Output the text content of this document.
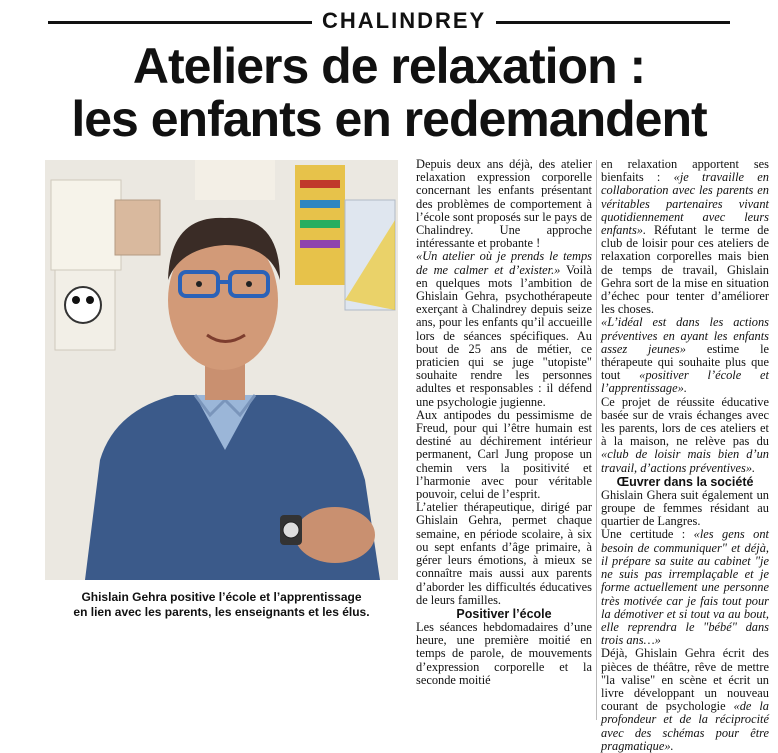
CHALINDREY
Ateliers de relaxation :
les enfants en redemandent
Ghislain Gehra positive l’école et l’apprentissage
en lien avec les parents, les enseignants et les élus.

Depuis deux ans déjà, des atelier relaxation expression corporelle concernant les enfants présentant des problèmes de comportement à l’école sont proposés sur le pays de Chalindrey. Une approche intéressante et probante !

«Un atelier où je prends le temps de me calmer et d’exister.» Voilà en quelques mots l’ambition de Ghislain Gehra, psychothérapeute exerçant à Chalindrey depuis seize ans, pour les enfants qu’il accueille lors de séances spécifiques. Au bout de 25 ans de métier, ce praticien qui se juge "utopiste" souhaite rendre les personnes adultes et responsables : il défend une psychologie jugienne.

Aux antipodes du pessimisme de Freud, pour qui l’être humain est destiné au déchirement intérieur permanent, Carl Jung propose un chemin vers la positivité et l’harmonie avec pour véritable pouvoir, celui de l’esprit.

L’atelier thérapeutique, dirigé par Ghislain Gehra, permet chaque semaine, en période scolaire, à six ou sept enfants d’âge primaire, à gérer leurs émotions, à mieux se connaître mais aussi aux parents d’aborder les difficultés éducatives de leurs familles.

Positiver l’école

Les séances hebdomadaires d’une heure, une première moitié en temps de parole, de mouvements d’expression corporelle et la seconde moitié

en relaxation apportent ses bienfaits : «je travaille en collaboration avec les parents en véritables partenaires vivant quotidiennement avec leurs enfants». Réfutant le terme de club de loisir pour ces ateliers de relaxation corporelles mais bien de temps de travail, Ghislain Gehra sort de la mise en situation d’échec pour tenter d’améliorer les choses.

«L’idéal est dans les actions préventives en ayant les enfants assez jeunes» estime le thérapeute qui souhaite plus que tout «positiver l’école et l’apprentissage».

Ce projet de réussite éducative basée sur de vrais échanges avec les parents, lors de ces ateliers et à la maison, ne relève pas du «club de loisir mais bien d’un travail, d’actions préventives».

Œuvrer dans la société

Ghislain Ghera suit également un groupe de femmes résidant au quartier de Langres.

Une certitude : «les gens ont besoin de communiquer" et déjà, il prépare sa suite au cabinet "je ne suis pas irremplaçable et je forme actuellement une personne très motivée car je fais tout pour la démotiver et si tout va au bout, elle reprendra le "bébé" dans trois ans…»

Déjà, Ghislain Gehra écrit des pièces de théâtre, rêve de mettre "la valise" en scène et écrit un livre développant un nouveau courant de psychologie «de la profondeur et de la réciprocité avec des schémas pour être pragmatique».
